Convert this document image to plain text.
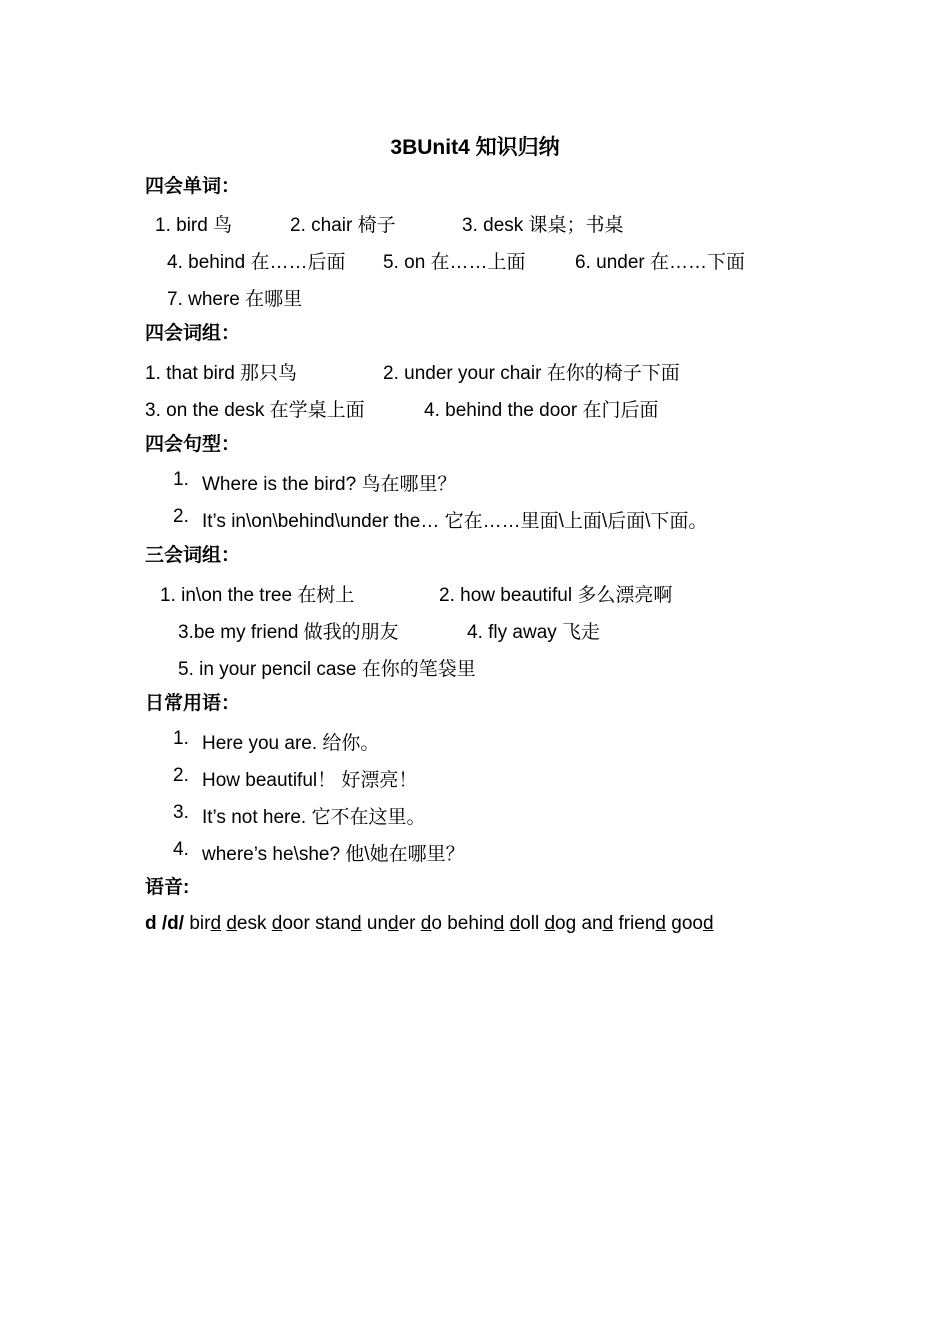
3BUnit4 知识归纳
四会单词：
1. bird 鸟	2. chair 椅子	3. desk 课桌；书桌
4. behind 在……后面 5. on 在……上面	6. under 在……下面
7. where 在哪里
四会词组：
1. that bird 那只鸟	2. under your chair 在你的椅子下面
3. on the desk 在学桌上面	4. behind the door 在门后面
四会句型：
1. Where is the bird? 鸟在哪里？
2. It’s in\on\behind\under the… 它在……里面\上面\后面\下面。
三会词组：
1. in\on the tree 在树上	2. how beautiful 多么漂亮啊
3.be my friend 做我的朋友	4. fly away 飞走
5. in your pencil case 在你的笔袋里
日常用语：
1. Here you are. 给你。
2. How beautiful！ 好漂亮！
3. It’s not here. 它不在这里。
4. where’s he\she? 他\她在哪里？
语音:
d /d/ bird desk door stand under do behind doll dog and friend good
